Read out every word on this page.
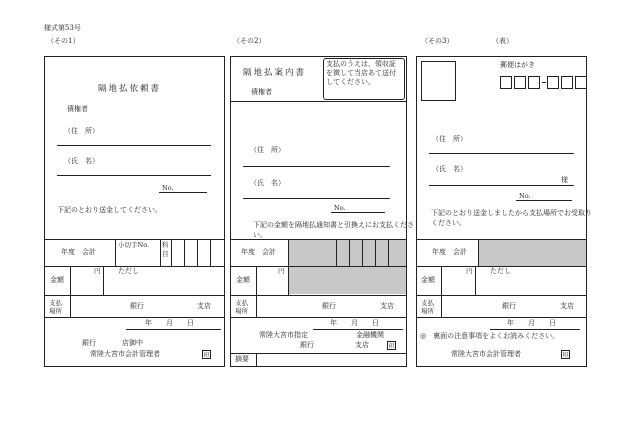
様式第53号
（その1）	（その2）	（その3）	（表）
隔地払依頼書
債権者
（住　所）
（氏　名）
No.
下記のとおり送金してください。
年度　会計
小切手No. 科
目
金額
円	ただし
支払
場所
銀行	支店
年　　月　　日
銀行	店御中
常陸大宮市会計管理者	印
隔地払案内書
債権者
支払のうえは，領収証を徴して当店あて送付してください。
（住　所）
（氏　名）
No.
下記の金額を隔地払通知書と引換えにお支払ください。
年度　会計
金額
円
支払
場所
銀行	支店
年　　月　　日
常陸大宮市指定	金融機関
銀行	支店	印
摘要
郵便はがき
（住　所）
（氏　名）
様
No.
下記のとおり送金しましたから支払場所でお受取りください。
年度　会計
金額
円	ただし
支払
場所
銀行	支店
年　　月　　日
◎　裏面の注意事項をよくお読みください。
常陸大宮市会計管理者	印
